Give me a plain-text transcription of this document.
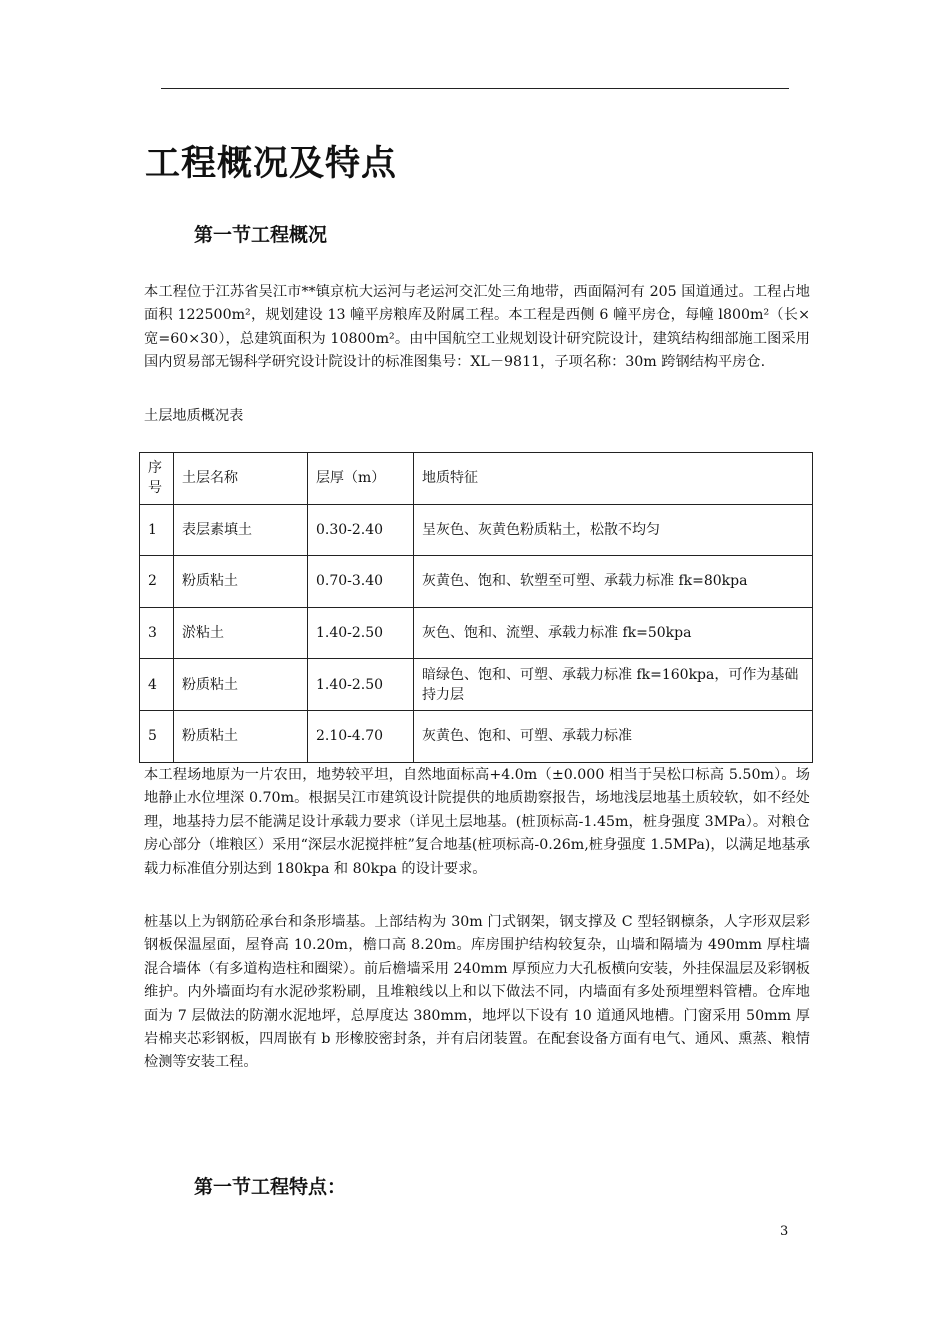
工程概况及特点
第一节工程概况

本工程位于江苏省吴江市**镇京杭大运河与老运河交汇处三角地带，西面隔河有 205 国道通过。工程占地面积 122500m²，规划建设 13 幢平房粮库及附属工程。本工程是西侧 6 幢平房仓，每幢 l800m²（长×宽=60×30），总建筑面积为 10800m²。由中国航空工业规划设计研究院设计，建筑结构细部施工图采用国内贸易部无锡科学研究设计院设计的标准图集号：XL－9811，子项名称：30m 跨钢结构平房仓.

土层地质概况表

序号	土层名称	层厚（m）	地质特征
1	表层素填土	0.30-2.40	呈灰色、灰黄色粉质粘土，松散不均匀
2	粉质粘土	0.70-3.40	灰黄色、饱和、软塑至可塑、承载力标准 fk=80kpa
3	淤粘土	1.40-2.50	灰色、饱和、流塑、承载力标准 fk=50kpa
4	粉质粘土	1.40-2.50	暗绿色、饱和、可塑、承载力标准 fk=160kpa，可作为基础持力层
5	粉质粘土	2.10-4.70	灰黄色、饱和、可塑、承载力标准

本工程场地原为一片农田，地势较平坦，自然地面标高+4.0m（±0.000 相当于吴松口标高 5.50m）。场地静止水位埋深 0.70m。根据吴江市建筑设计院提供的地质勘察报告，场地浅层地基土质较软，如不经处理，地基持力层不能满足设计承载力要求（详见土层地基。(桩顶标高-1.45m，桩身强度 3MPa）。对粮仓房心部分（堆粮区）采用“深层水泥搅拌桩”复合地基(桩项标高-0.26m,桩身强度 1.5MPa)，以满足地基承载力标准值分别达到 180kpa 和 80kpa 的设计要求。

桩基以上为钢筋砼承台和条形墙基。上部结构为 30m 门式钢架，钢支撑及 C 型轻钢檩条，人字形双层彩钢板保温屋面，屋脊高 10.20m，檐口高 8.20m。库房围护结构较复杂，山墙和隔墙为 490mm 厚柱墙混合墙体（有多道构造柱和圈梁）。前后檐墙采用 240mm 厚预应力大孔板横向安装，外挂保温层及彩钢板维护。内外墙面均有水泥砂浆粉刷，且堆粮线以上和以下做法不同，内墙面有多处预埋塑料管槽。仓库地面为 7 层做法的防潮水泥地坪，总厚度达 380mm，地坪以下设有 10 道通风地槽。门窗采用 50mm 厚岩棉夹芯彩钢板，四周嵌有 b 形橡胶密封条，并有启闭装置。在配套设备方面有电气、通风、熏蒸、粮情检测等安装工程。

第一节工程特点：
3
